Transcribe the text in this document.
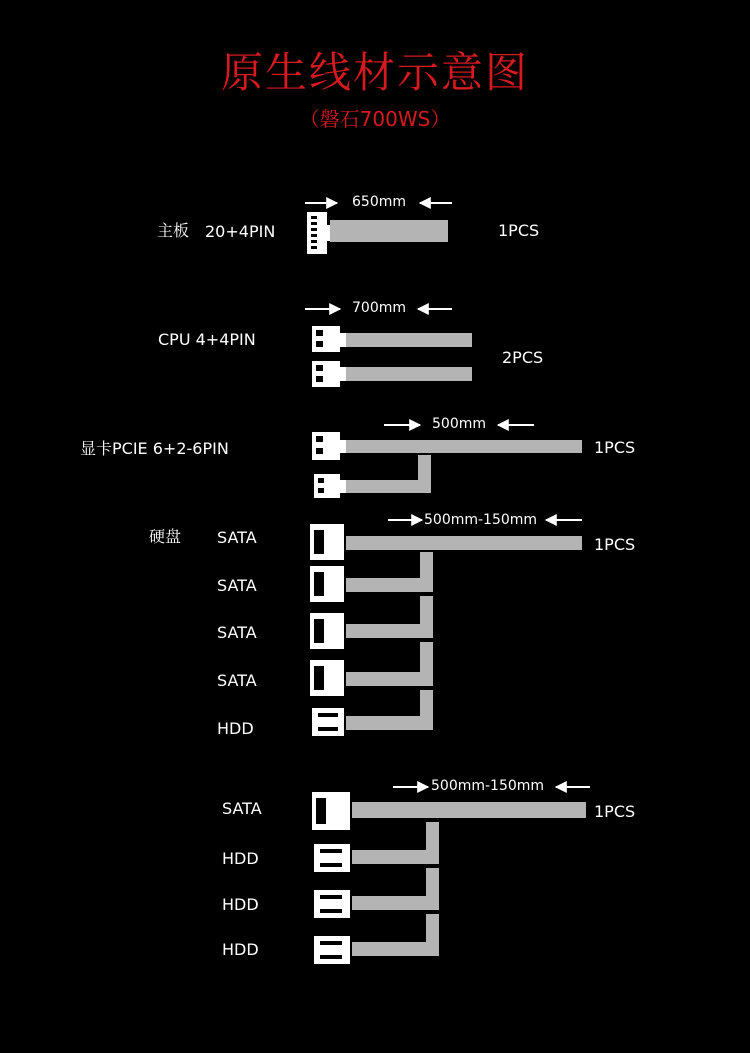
原生线材示意图
（磐石700WS）
主板 20+4PIN
650mm
1PCS
CPU 4+4PIN
700mm
2PCS
显卡PCIE 6+2-6PIN
500mm
1PCS
硬盘
500mm-150mm
1PCS
SATA
SATA
SATA
SATA
HDD
500mm-150mm
1PCS
SATA
HDD
HDD
HDD
